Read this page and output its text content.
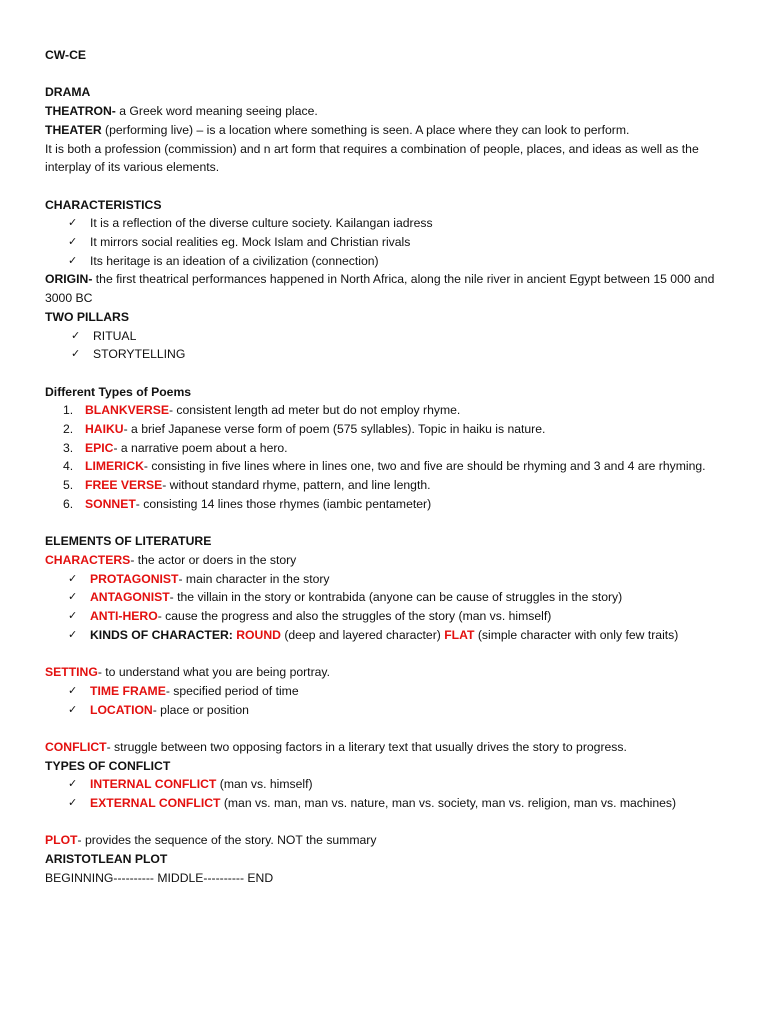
CW-CE
DRAMA
THEATRON- a Greek word meaning seeing place.
THEATER (performing live) – is a location where something is seen. A place where they can look to perform.
It is both a profession (commission) and n art form that requires a combination of people, places, and ideas as well as the interplay of its various elements.
CHARACTERISTICS
✓ It is a reflection of the diverse culture society. Kailangan iadress
✓ It mirrors social realities eg. Mock Islam and Christian rivals
✓ Its heritage is an ideation of a civilization (connection)
ORIGIN- the first theatrical performances happened in North Africa, along the nile river in ancient Egypt between 15 000 and 3000 BC
TWO PILLARS
✓ RITUAL
✓ STORYTELLING
Different Types of Poems
1. BLANKVERSE- consistent length ad meter but do not employ rhyme.
2. HAIKU- a brief Japanese verse form of poem (575 syllables). Topic in haiku is nature.
3. EPIC- a narrative poem about a hero.
4. LIMERICK- consisting in five lines where in lines one, two and five are should be rhyming and 3 and 4 are rhyming.
5. FREE VERSE- without standard rhyme, pattern, and line length.
6. SONNET- consisting 14 lines those rhymes (iambic pentameter)
ELEMENTS OF LITERATURE
CHARACTERS- the actor or doers in the story
✓ PROTAGONIST- main character in the story
✓ ANTAGONIST- the villain in the story or kontrabida (anyone can be cause of struggles in the story)
✓ ANTI-HERO- cause the progress and also the struggles of the story (man vs. himself)
✓ KINDS OF CHARACTER: ROUND (deep and layered character) FLAT (simple character with only few traits)
SETTING- to understand what you are being portray.
✓ TIME FRAME- specified period of time
✓ LOCATION- place or position
CONFLICT- struggle between two opposing factors in a literary text that usually drives the story to progress.
TYPES OF CONFLICT
✓ INTERNAL CONFLICT (man vs. himself)
✓ EXTERNAL CONFLICT (man vs. man, man vs. nature, man vs. society, man vs. religion, man vs. machines)
PLOT- provides the sequence of the story. NOT the summary
ARISTOTLEAN PLOT
BEGINNING---------- MIDDLE---------- END
